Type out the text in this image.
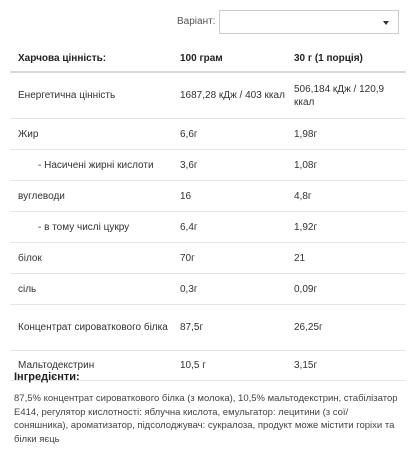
Варіант:
Харчова цінність:	100 грам	30 г (1 порція)
Енергетична цінність	1687,28 кДж / 403 ккал	506,184 кДж / 120,9 ккал
Жир	6,6г	1,98г
- Насичені жирні кислоти	3,6г	1,08г
вуглеводи	16	4,8г
- в тому числі цукру	6,4г	1,92г
білок	70г	21
сіль	0,3г	0,09г
Концентрат сироваткового білка	87,5г	26,25г
Мальтодекстрин	10,5 г	3,15г
Інгредієнти:
87,5% концентрат сироваткового білка (з молока), 10,5% мальтодекстрин, стабілізатор Е414, регулятор кислотності: яблучна кислота, емульгатор: лецитини (з сої/ соняшника), ароматизатор, підсолоджувач: сукралоза, продукт може містити горіхи та білки яєць
